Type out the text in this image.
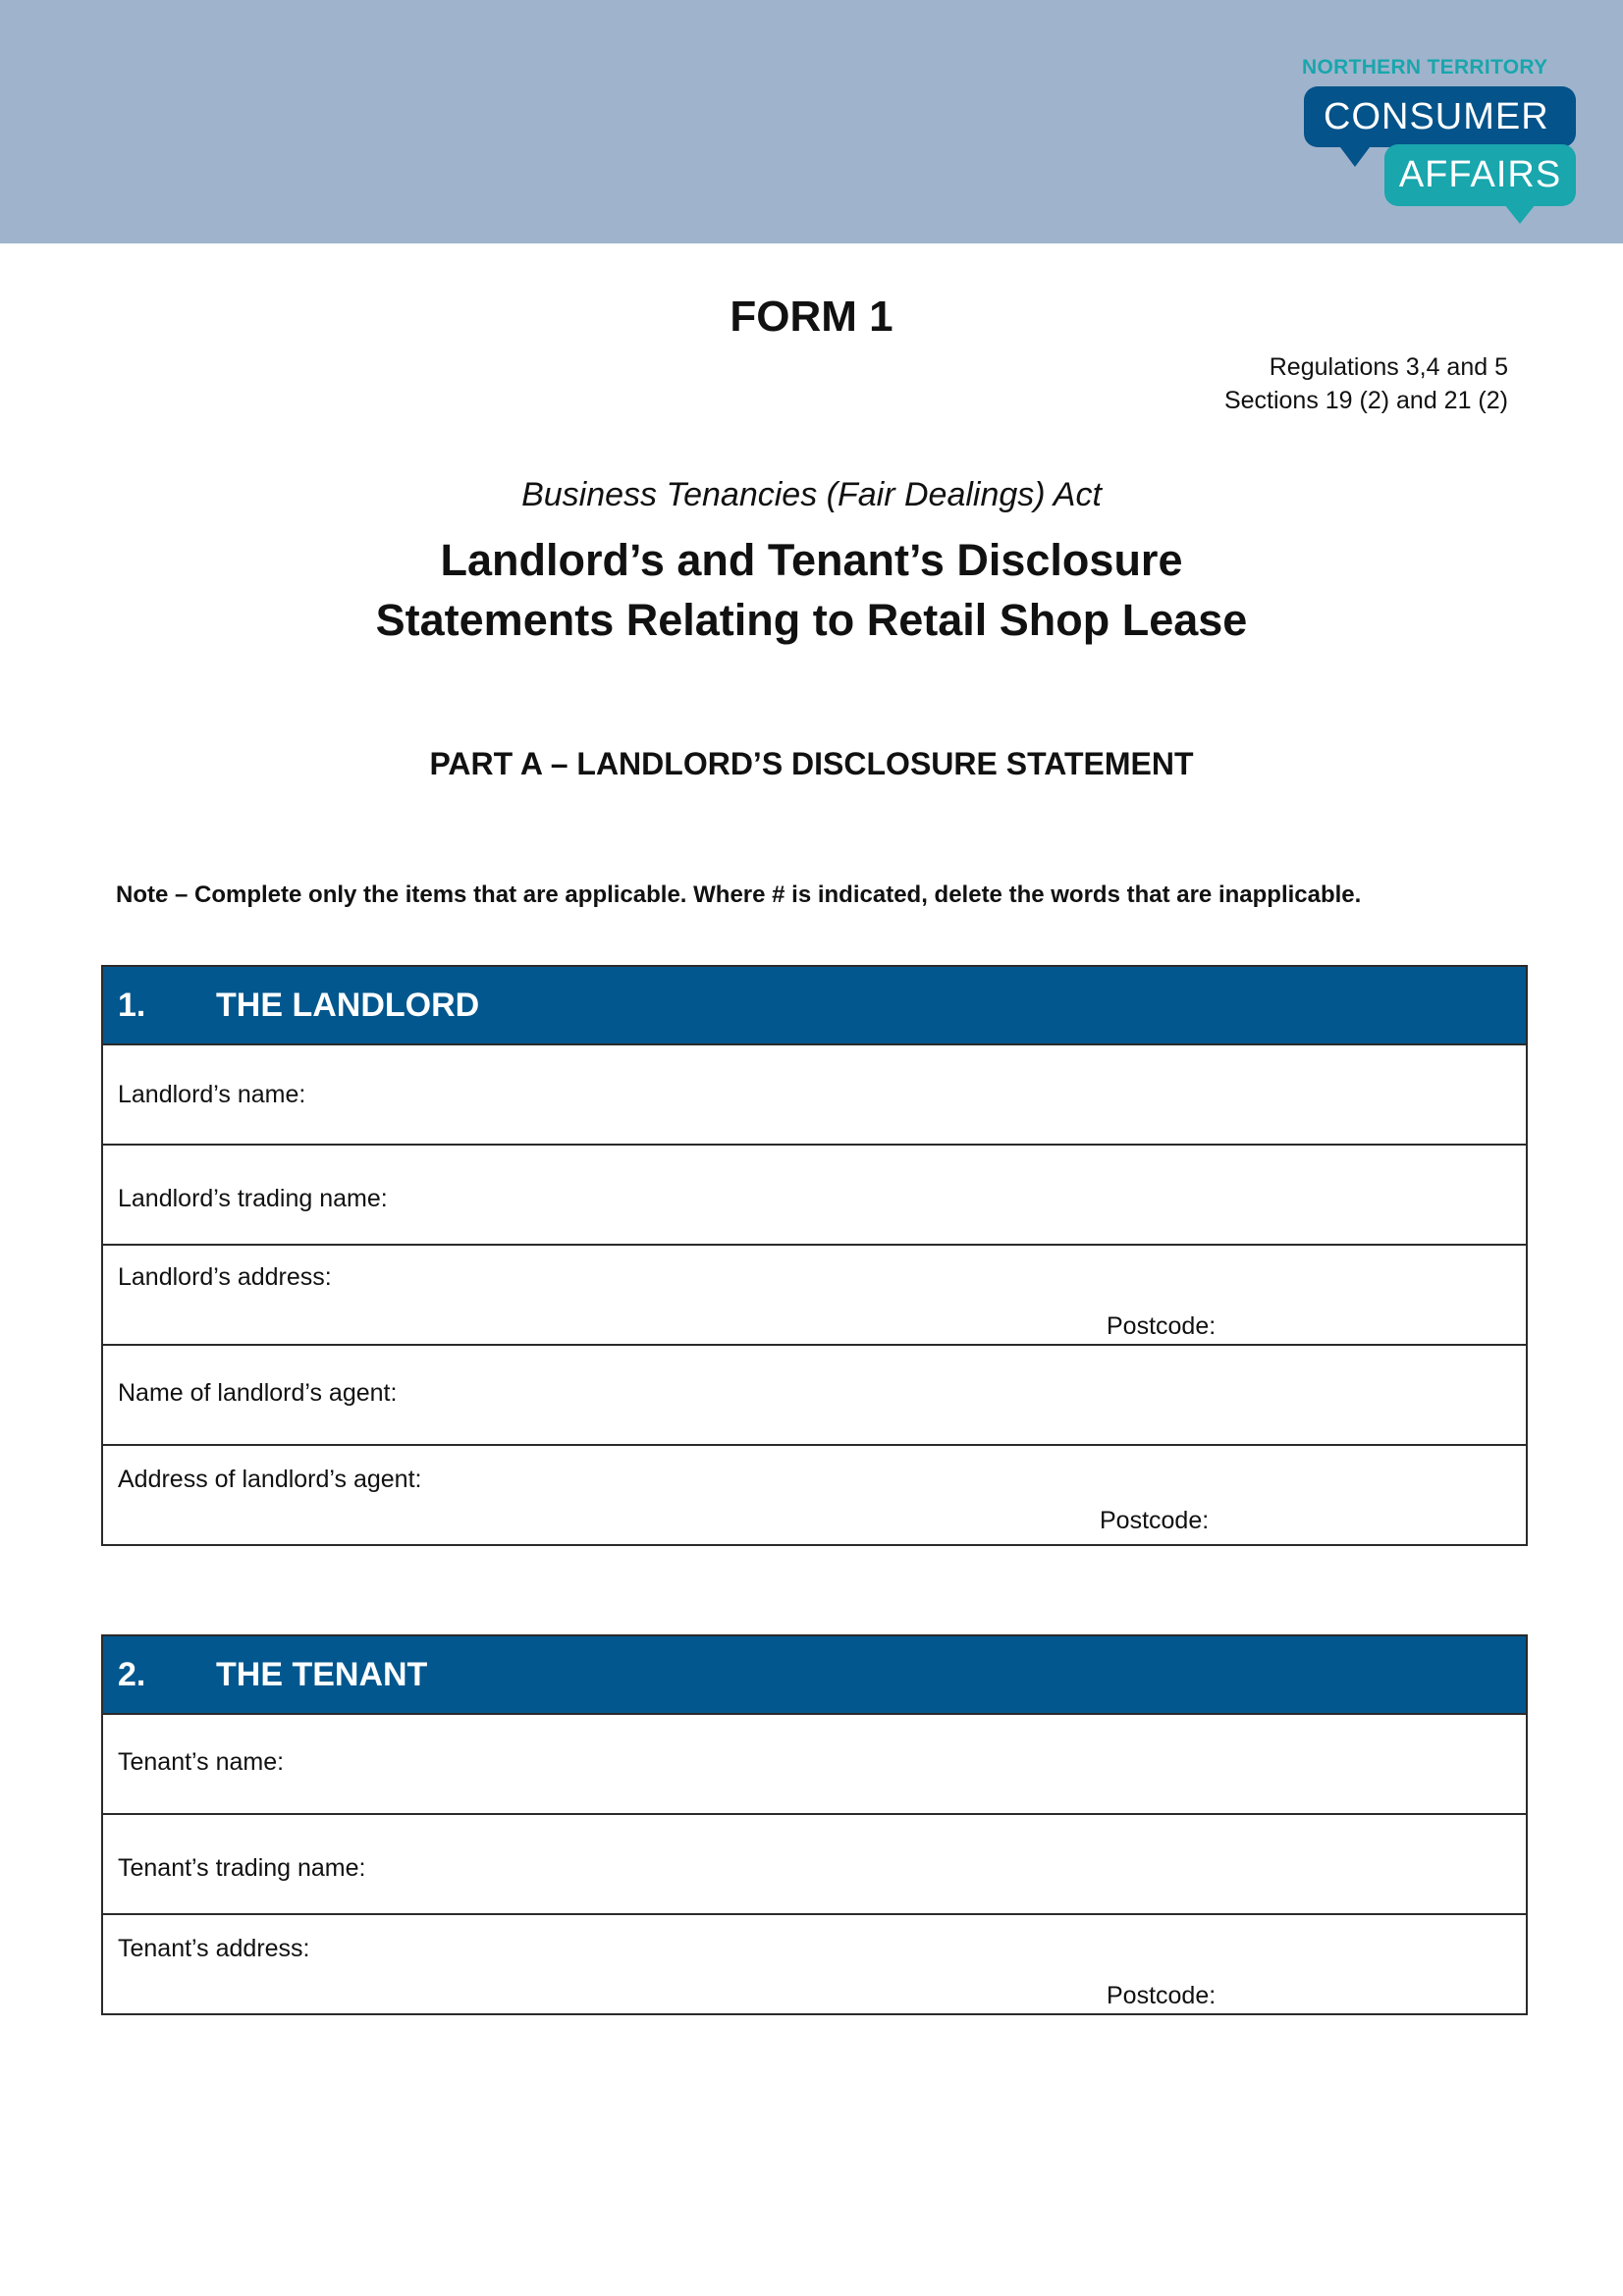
NORTHERN TERRITORY
CONSUMER
AFFAIRS
FORM 1
Regulations 3,4 and 5
Sections 19 (2) and 21 (2)
Business Tenancies (Fair Dealings) Act
Landlord’s and Tenant’s Disclosure
Statements Relating to Retail Shop Lease
PART A – LANDLORD’S DISCLOSURE STATEMENT
Note – Complete only the items that are applicable. Where # is indicated, delete the words that are inapplicable.
1. THE LANDLORD
Landlord’s name:
Landlord’s trading name:
Landlord’s address:
Postcode:
Name of landlord’s agent:
Address of landlord’s agent:
Postcode:
2. THE TENANT
Tenant’s name:
Tenant’s trading name:
Tenant’s address:
Postcode:
